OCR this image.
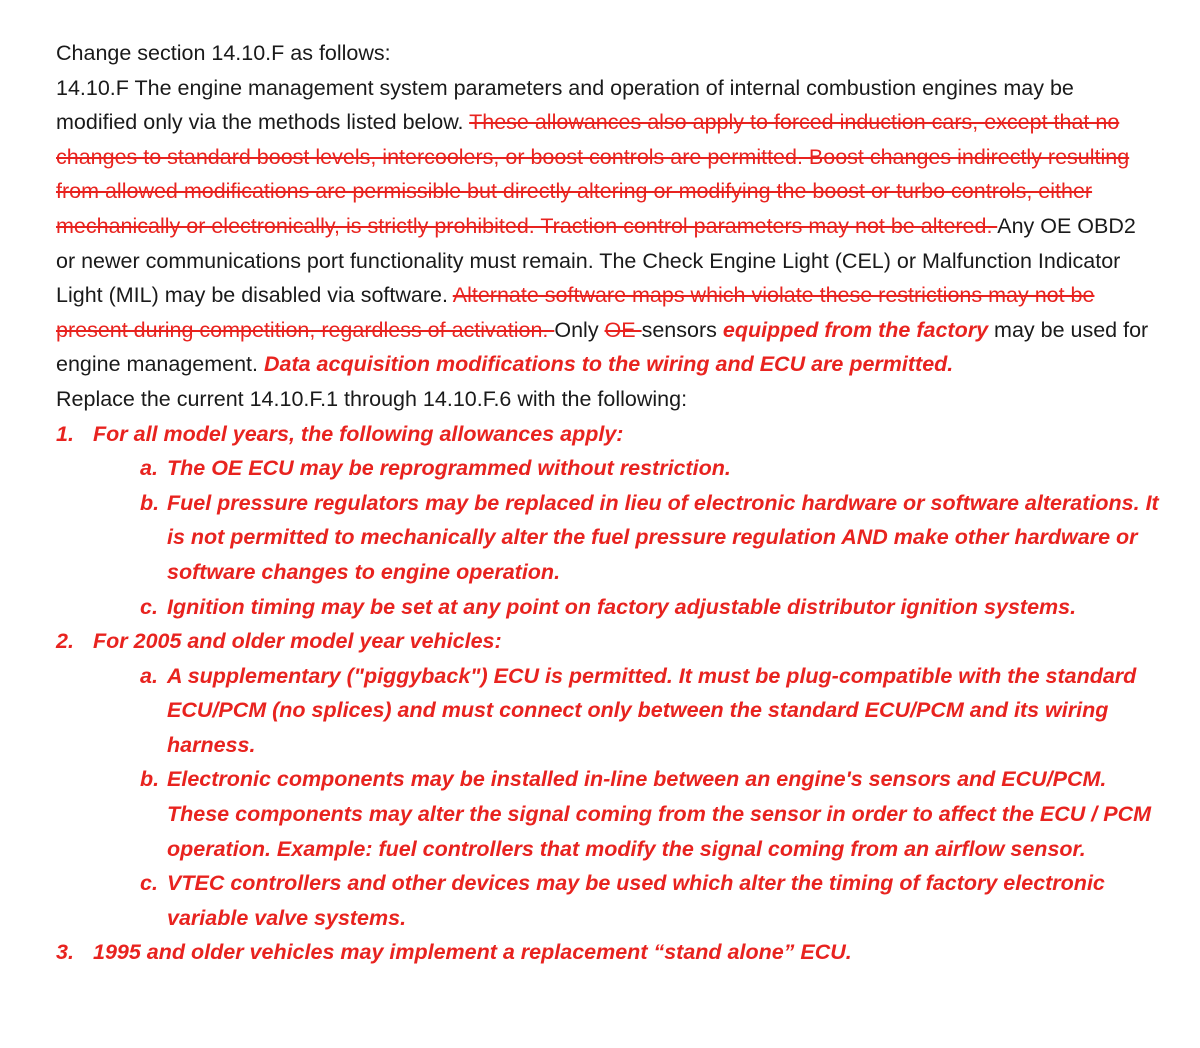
Change section 14.10.F as follows:

14.10.F The engine management system parameters and operation of internal combustion engines may be modified only via the methods listed below. These allowances also apply to forced induction cars, except that no changes to standard boost levels, intercoolers, or boost controls are permitted. Boost changes indirectly resulting from allowed modifications are permissible but directly altering or modifying the boost or turbo controls, either mechanically or electronically, is strictly prohibited. Traction control parameters may not be altered. Any OE OBD2 or newer communications port functionality must remain. The Check Engine Light (CEL) or Malfunction Indicator Light (MIL) may be disabled via software. Alternate software maps which violate these restrictions may not be present during competition, regardless of activation. Only OE sensors equipped from the factory may be used for engine management. Data acquisition modifications to the wiring and ECU are permitted.

Replace the current 14.10.F.1 through 14.10.F.6 with the following:

1. For all model years, the following allowances apply:
a. The OE ECU may be reprogrammed without restriction.
b. Fuel pressure regulators may be replaced in lieu of electronic hardware or software alterations. It is not permitted to mechanically alter the fuel pressure regulation AND make other hardware or software changes to engine operation.
c. Ignition timing may be set at any point on factory adjustable distributor ignition systems.
2. For 2005 and older model year vehicles:
a. A supplementary ("piggyback") ECU is permitted. It must be plug-compatible with the standard ECU/PCM (no splices) and must connect only between the standard ECU/PCM and its wiring harness.
b. Electronic components may be installed in-line between an engine's sensors and ECU/PCM. These components may alter the signal coming from the sensor in order to affect the ECU / PCM operation. Example: fuel controllers that modify the signal coming from an airflow sensor.
c. VTEC controllers and other devices may be used which alter the timing of factory electronic variable valve systems.
3. 1995 and older vehicles may implement a replacement “stand alone” ECU.
